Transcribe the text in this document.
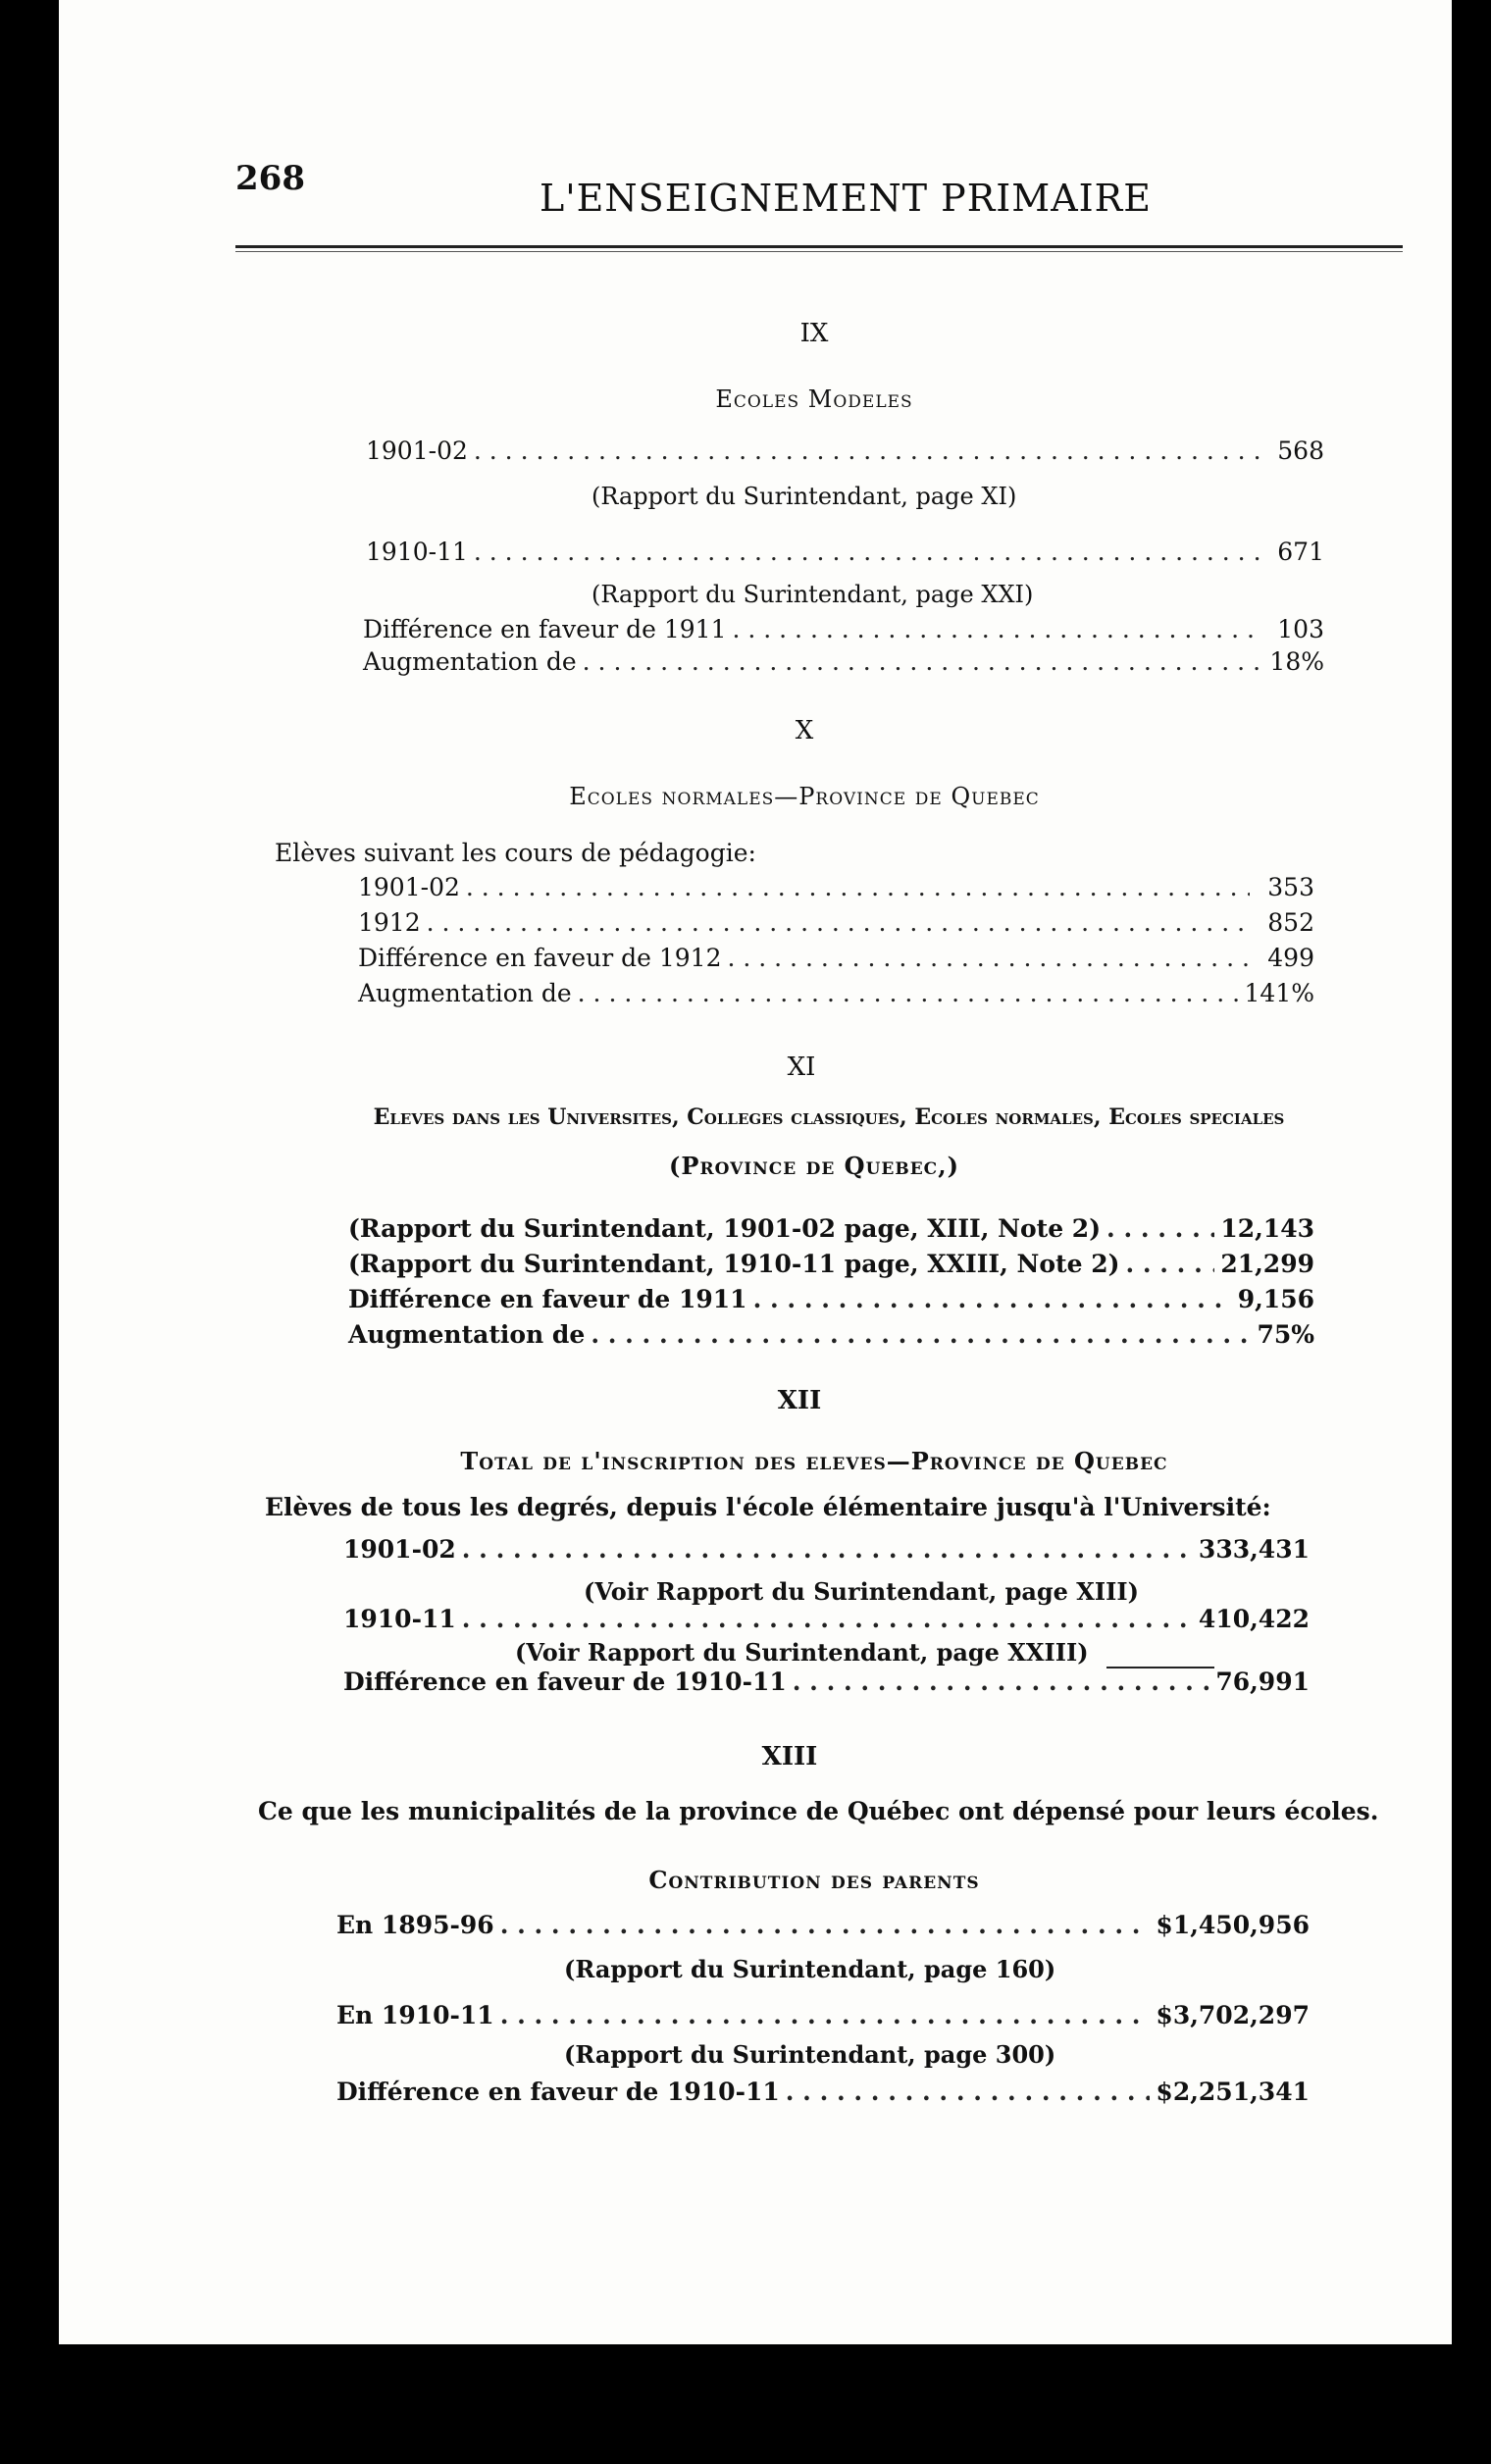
268	L'ENSEIGNEMENT PRIMAIRE
IX
Ecoles Modeles
1901-02 . . .	568
(Rapport du Surintendant, page XI)
1910-11 . . .	671
(Rapport du Surintendant, page XXI)
Différence en faveur de 1911 . . .	103
Augmentation de . . .	18%
X
Ecoles normales—Province de Quebec
Elèves suivant les cours de pédagogie:
1901-02 . . .	353
1912 . . .	852
Différence en faveur de 1912 . . .	499
Augmentation de . . .	141%
XI
Eleves dans les Universites, Colleges classiques, Ecoles normales, Ecoles speciales
(Province de Quebec,)
(Rapport du Surintendant, 1901-02 page, XIII, Note 2) . . .	12,143
(Rapport du Surintendant, 1910-11 page, XXIII, Note 2) . . .	21,299
Différence en faveur de 1911 . . .	9,156
Augmentation de . . .	75%
XII
Total de l'inscription des eleves—Province de Quebec
Elèves de tous les degrés, depuis l'école élémentaire jusqu'à l'Université:
1901-02 . . .	333,431
(Voir Rapport du Surintendant, page XIII)
1910-11 . . .	410,422
(Voir Rapport du Surintendant, page XXIII)
Différence en faveur de 1910-11 . . .	76,991
XIII
Ce que les municipalités de la province de Québec ont dépensé pour leurs écoles.
Contribution des parents
En 1895-96 . . .	$1,450,956
(Rapport du Surintendant, page 160)
En 1910-11 . . .	$3,702,297
(Rapport du Surintendant, page 300)
Différence en faveur de 1910-11 . . .	$2,251,341
